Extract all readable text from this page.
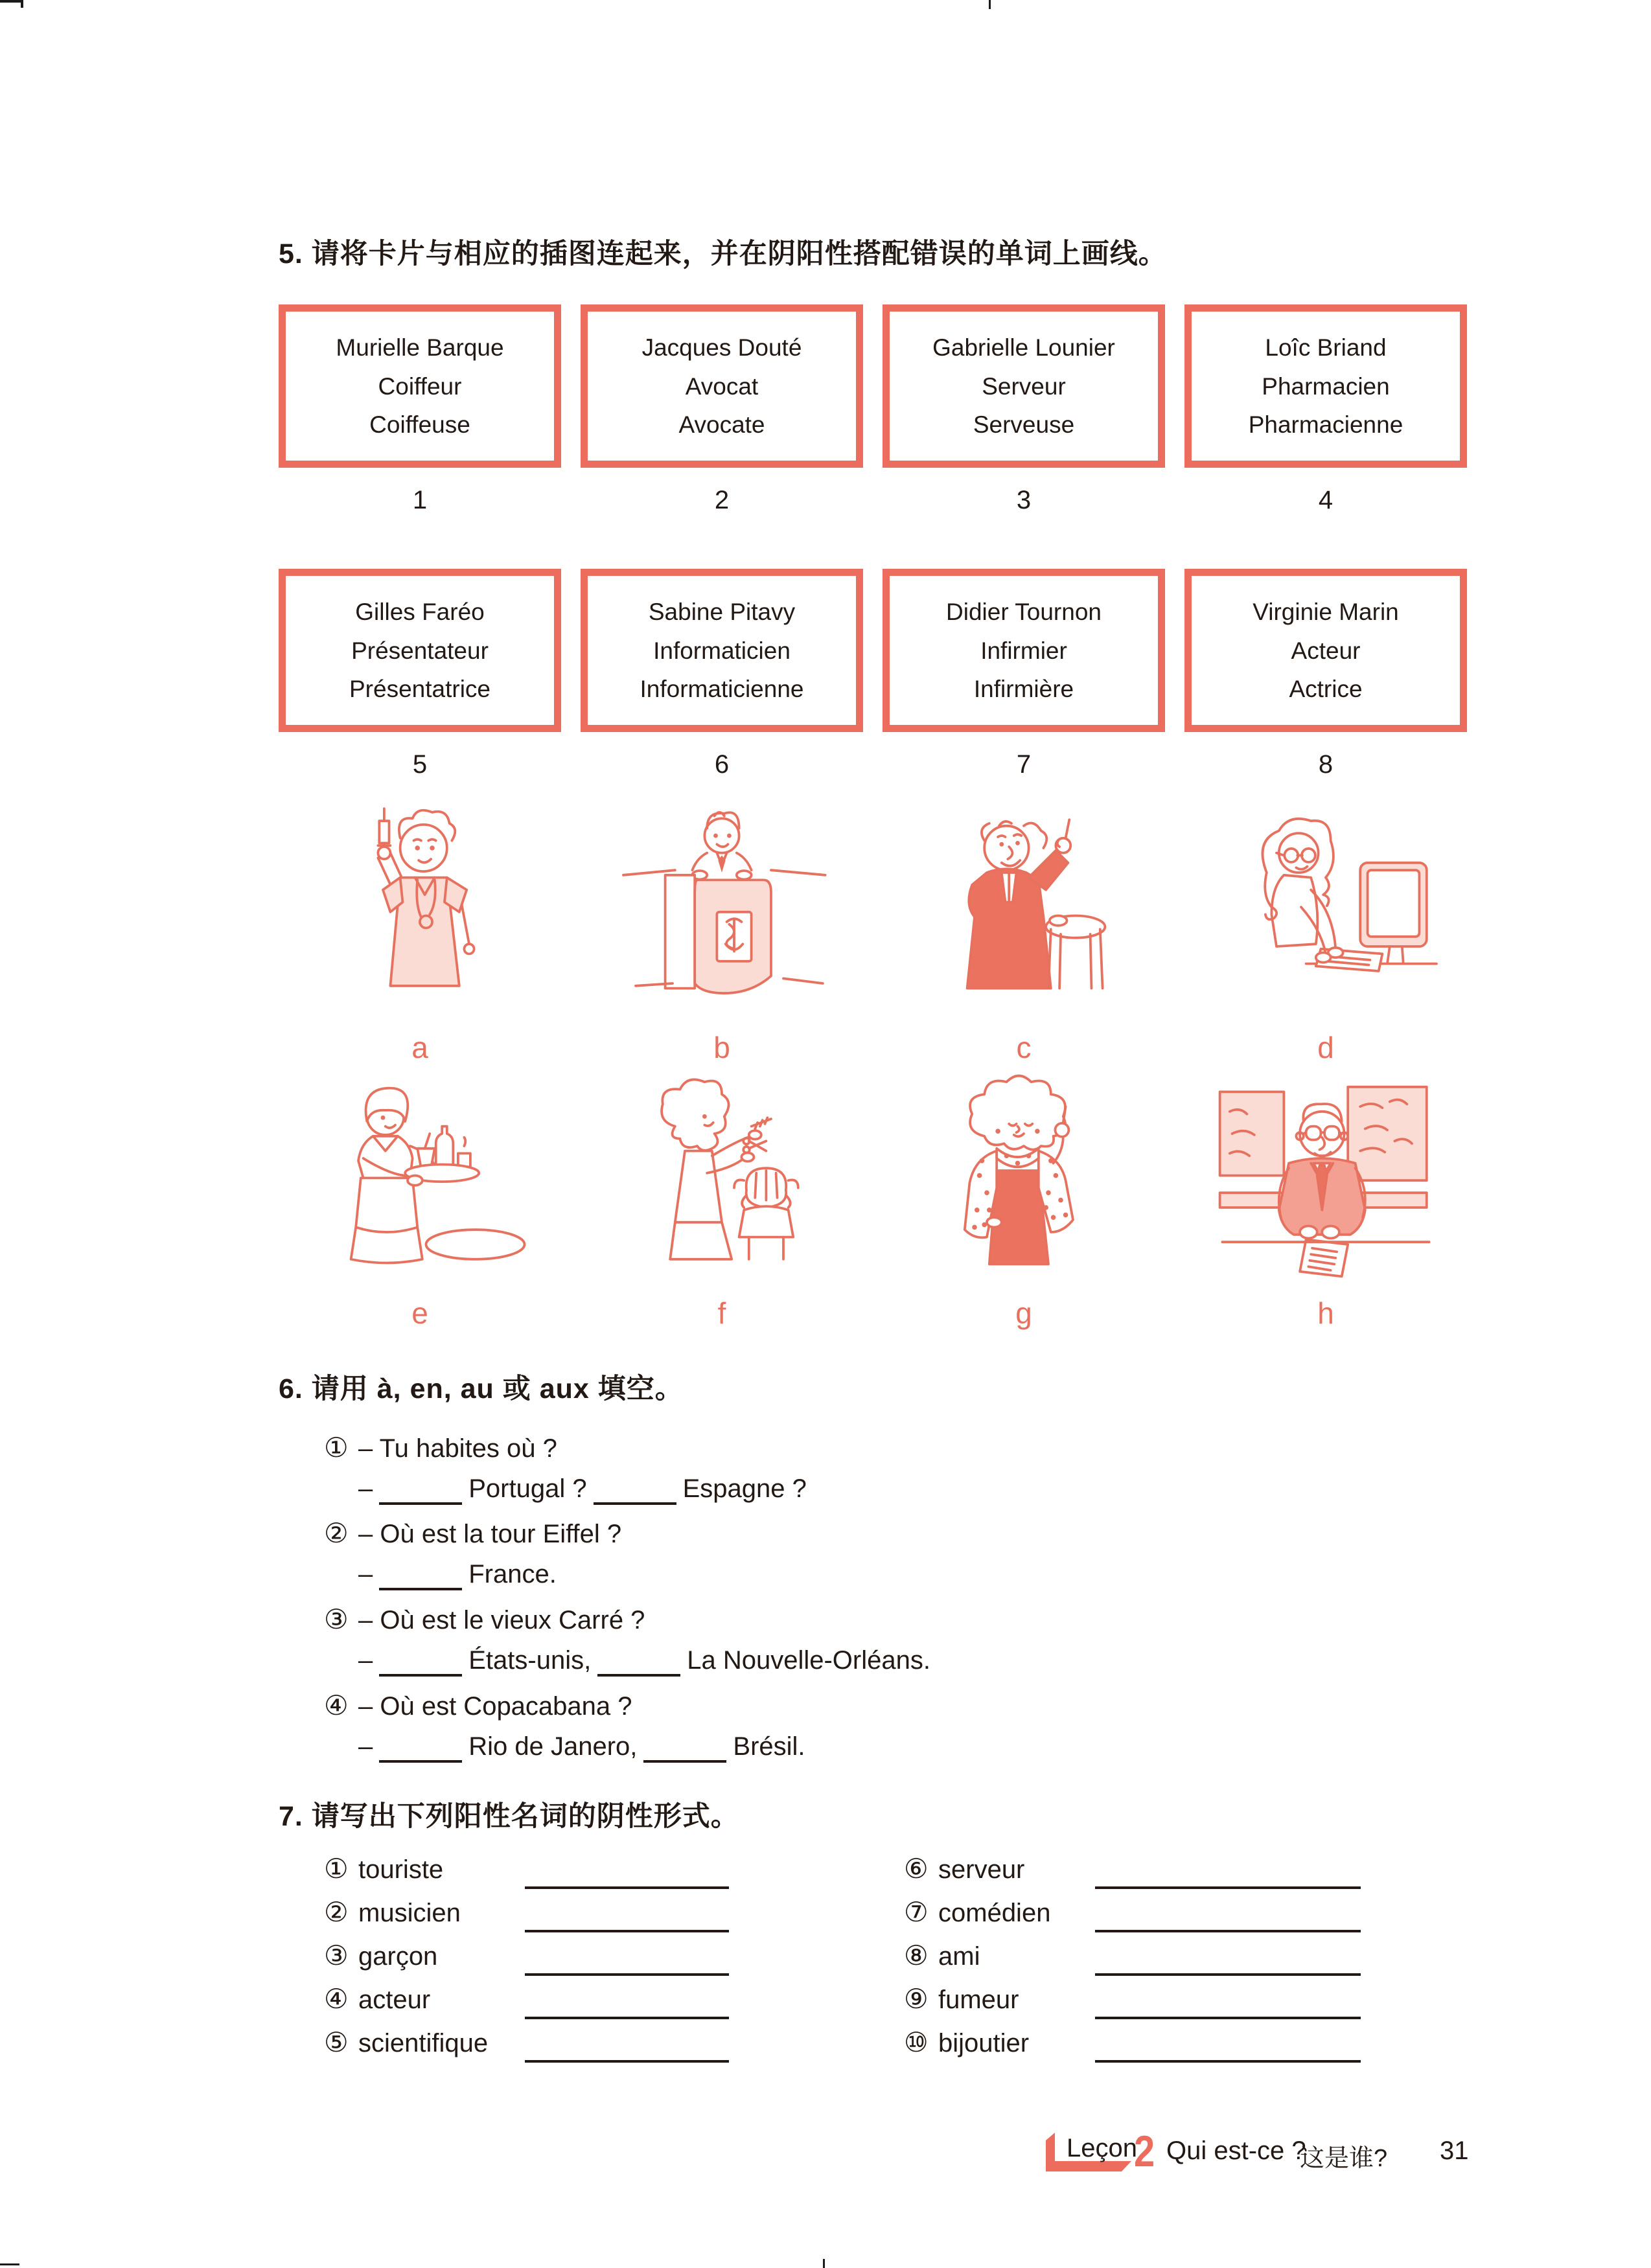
5. 请将卡片与相应的插图连起来，并在阴阳性搭配错误的单词上画线。
Murielle Barque
Coiffeur
Coiffeuse
Jacques Douté
Avocat
Avocate
Gabrielle Lounier
Serveur
Serveuse
Loîc Briand
Pharmacien
Pharmacienne
1	2	3	4
Gilles Faréo
Présentateur
Présentatrice
Sabine Pitavy
Informaticien
Informaticienne
Didier Tournon
Infirmier
Infirmière
Virginie Marin
Acteur
Actrice
5	6	7	8
a	b	c	d
e	f	g	h
6. 请用 à, en, au 或 aux 填空。
① – Tu habites où ?
–	Portugal ?	Espagne ?
② – Où est la tour Eiffel ?
–	France.
③ – Où est le vieux Carré ?
–	États-unis,	La Nouvelle-Orléans.
④ – Où est Copacabana ?
–	Rio de Janero,	Brésil.
7. 请写出下列阳性名词的阴性形式。
① touriste
② musicien
③ garçon
④ acteur
⑤ scientifique
⑥ serveur
⑦ comédien
⑧ ami
⑨ fumeur
⑩ bijoutier
Leçon
2 Qui est-ce ?
这是谁? 31
